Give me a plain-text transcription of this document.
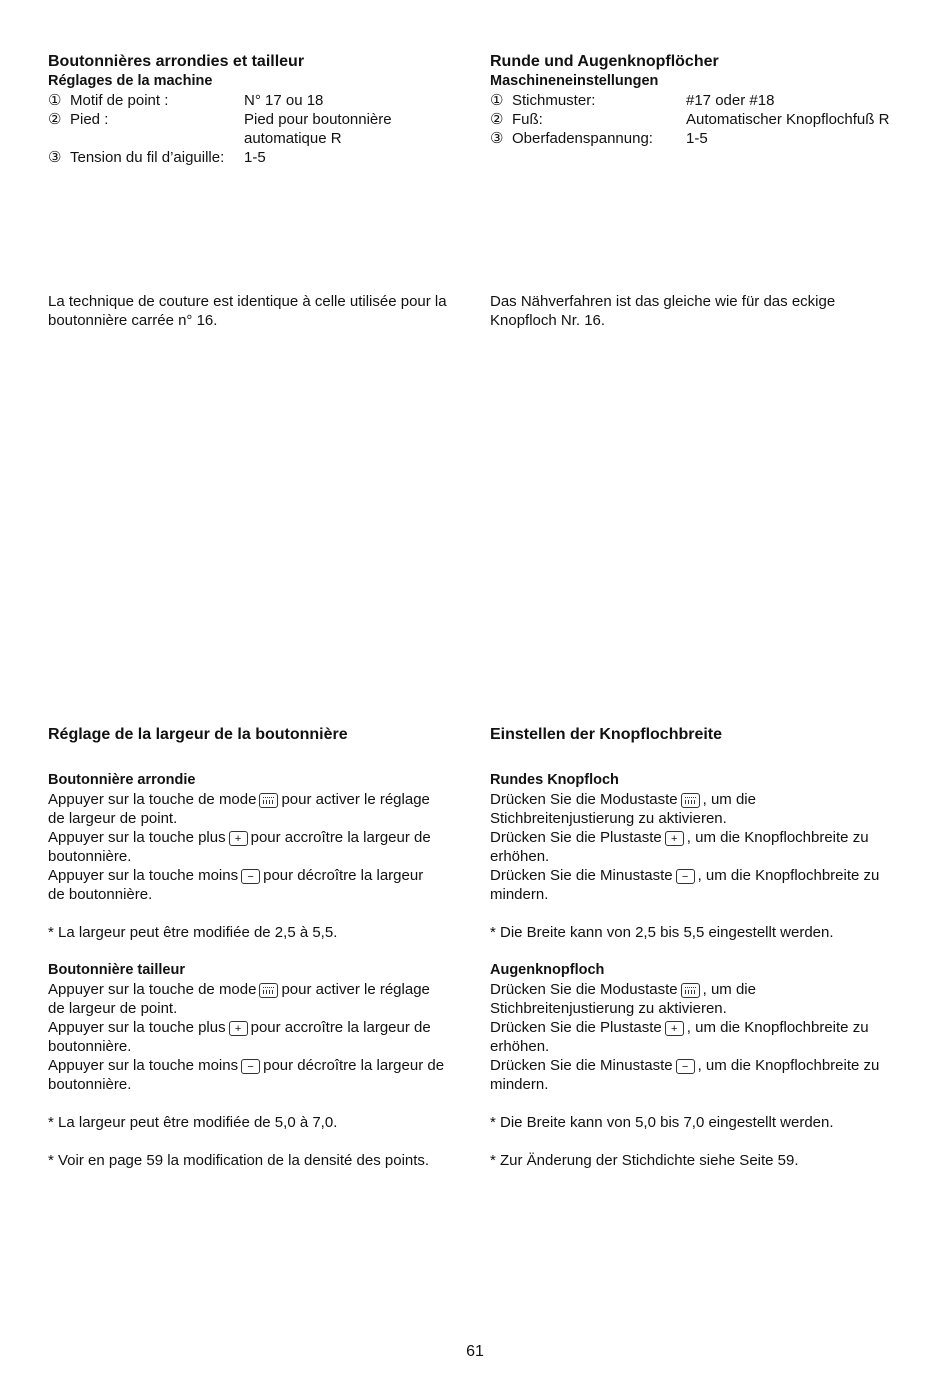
Boutonnières arrondies et tailleur

Réglages de la machine

① Motif de point :	N° 17 ou 18
② Pied :	Pied pour boutonnière
automatique R
③ Tension du fil d’aiguille:	1-5

La technique de couture est identique à celle utilisée pour la

boutonnière carrée n° 16.

Runde und Augenknopflöcher

Maschineneinstellungen

① Stichmuster:	#17 oder #18
② Fuß:	Automatischer Knopflochfuß R
③ Oberfadenspannung:	1-5

Das Nähverfahren ist das gleiche wie für das eckige

Knopfloch Nr. 16.

Réglage de la largeur de la boutonnière

Boutonnière arrondie

Appuyer sur la touche de mode pour activer le réglage

de largeur de point.

Appuyer sur la touche plus + pour accroître la largeur de

boutonnière.

Appuyer sur la touche moins − pour décroître la largeur

de boutonnière.

* La largeur peut être modifiée de 2,5 à 5,5.

Boutonnière tailleur

Appuyer sur la touche de mode pour activer le réglage

de largeur de point.

Appuyer sur la touche plus + pour accroître la largeur de

boutonnière.

Appuyer sur la touche moins − pour décroître la largeur de

boutonnière.

* La largeur peut être modifiée de 5,0 à 7,0.

* Voir en page 59 la modification de la densité des points.

Einstellen der Knopflochbreite

Rundes Knopfloch

Drücken Sie die Modustaste , um die

Stichbreitenjustierung zu aktivieren.

Drücken Sie die Plustaste + , um die Knopflochbreite zu

erhöhen.

Drücken Sie die Minustaste − , um die Knopflochbreite zu

mindern.

* Die Breite kann von 2,5 bis 5,5 eingestellt werden.

Augenknopfloch

Drücken Sie die Modustaste , um die

Stichbreitenjustierung zu aktivieren.

Drücken Sie die Plustaste + , um die Knopflochbreite zu

erhöhen.

Drücken Sie die Minustaste − , um die Knopflochbreite zu

mindern.

* Die Breite kann von 5,0 bis 7,0 eingestellt werden.

* Zur Änderung der Stichdichte siehe Seite 59.

61
